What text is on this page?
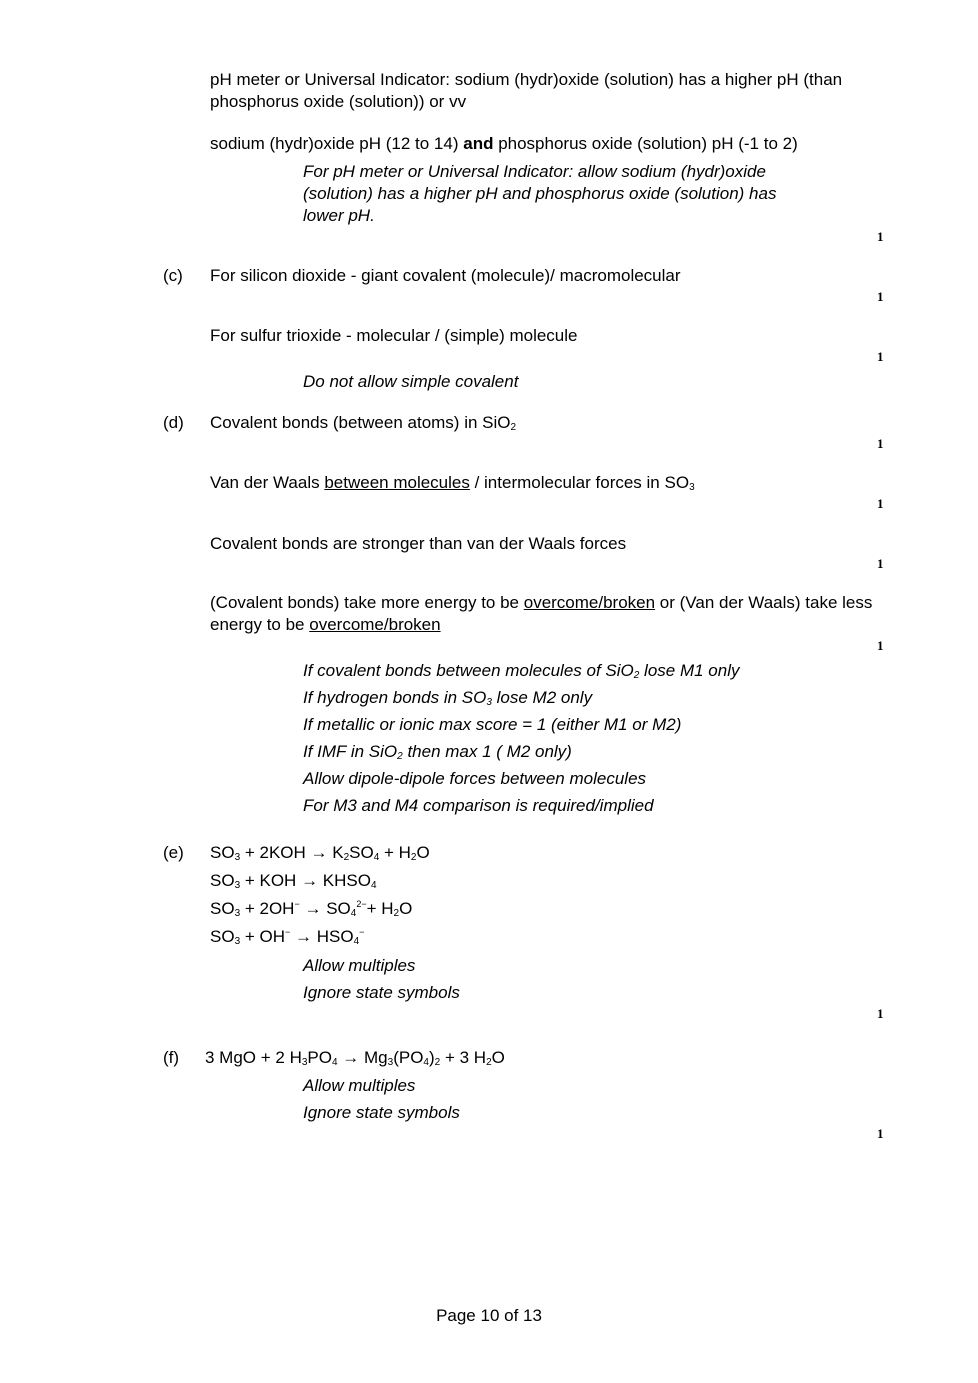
pH meter or Universal Indicator: sodium (hydr)oxide (solution) has a higher pH (than phosphorus oxide (solution)) or vv
sodium (hydr)oxide pH (12 to 14) and phosphorus oxide (solution) pH (-1 to 2)
For pH meter or Universal Indicator: allow sodium (hydr)oxide (solution) has a higher pH and phosphorus oxide (solution) has lower pH.
1
(c) For silicon dioxide - giant covalent (molecule)/ macromolecular
1
For sulfur trioxide - molecular / (simple) molecule
1
Do not allow simple covalent
(d) Covalent bonds (between atoms) in SiO$_2$
1
Van der Waals between molecules / intermolecular forces in $SO_3$
1
Covalent bonds are stronger than van der Waals forces
1
(Covalent bonds) take more energy to be overcome/broken or (Van der Waals) take less energy to be overcome/broken
1
If covalent bonds between molecules of SiO$_2$ lose M1 only
If hydrogen bonds in $SO_3$ lose M2 only
If metallic or ionic max score = 1 (either M1 or M2)
If IMF in SiO$_2$ then max 1 ( M2 only)
Allow dipole-dipole forces between molecules
For M3 and M4 comparison is required/implied
(e) $SO_3 + 2KOH \to K_2SO_4 + H_2O$
$SO_3$ + KOH → $KHSO_4$
$SO_3 + 2OH^- \to SO_4^{2-}+ H_2O$
$SO_3 + OH^- \to HSO_4^-$
Allow multiples
Ignore state symbols
1
(f) 3 MgO + 2 $H_3PO_4 \to Mg_3(PO_4)_2 + 3$ $H_2O$
Allow multiples
Ignore state symbols
1
Page 10 of 13
